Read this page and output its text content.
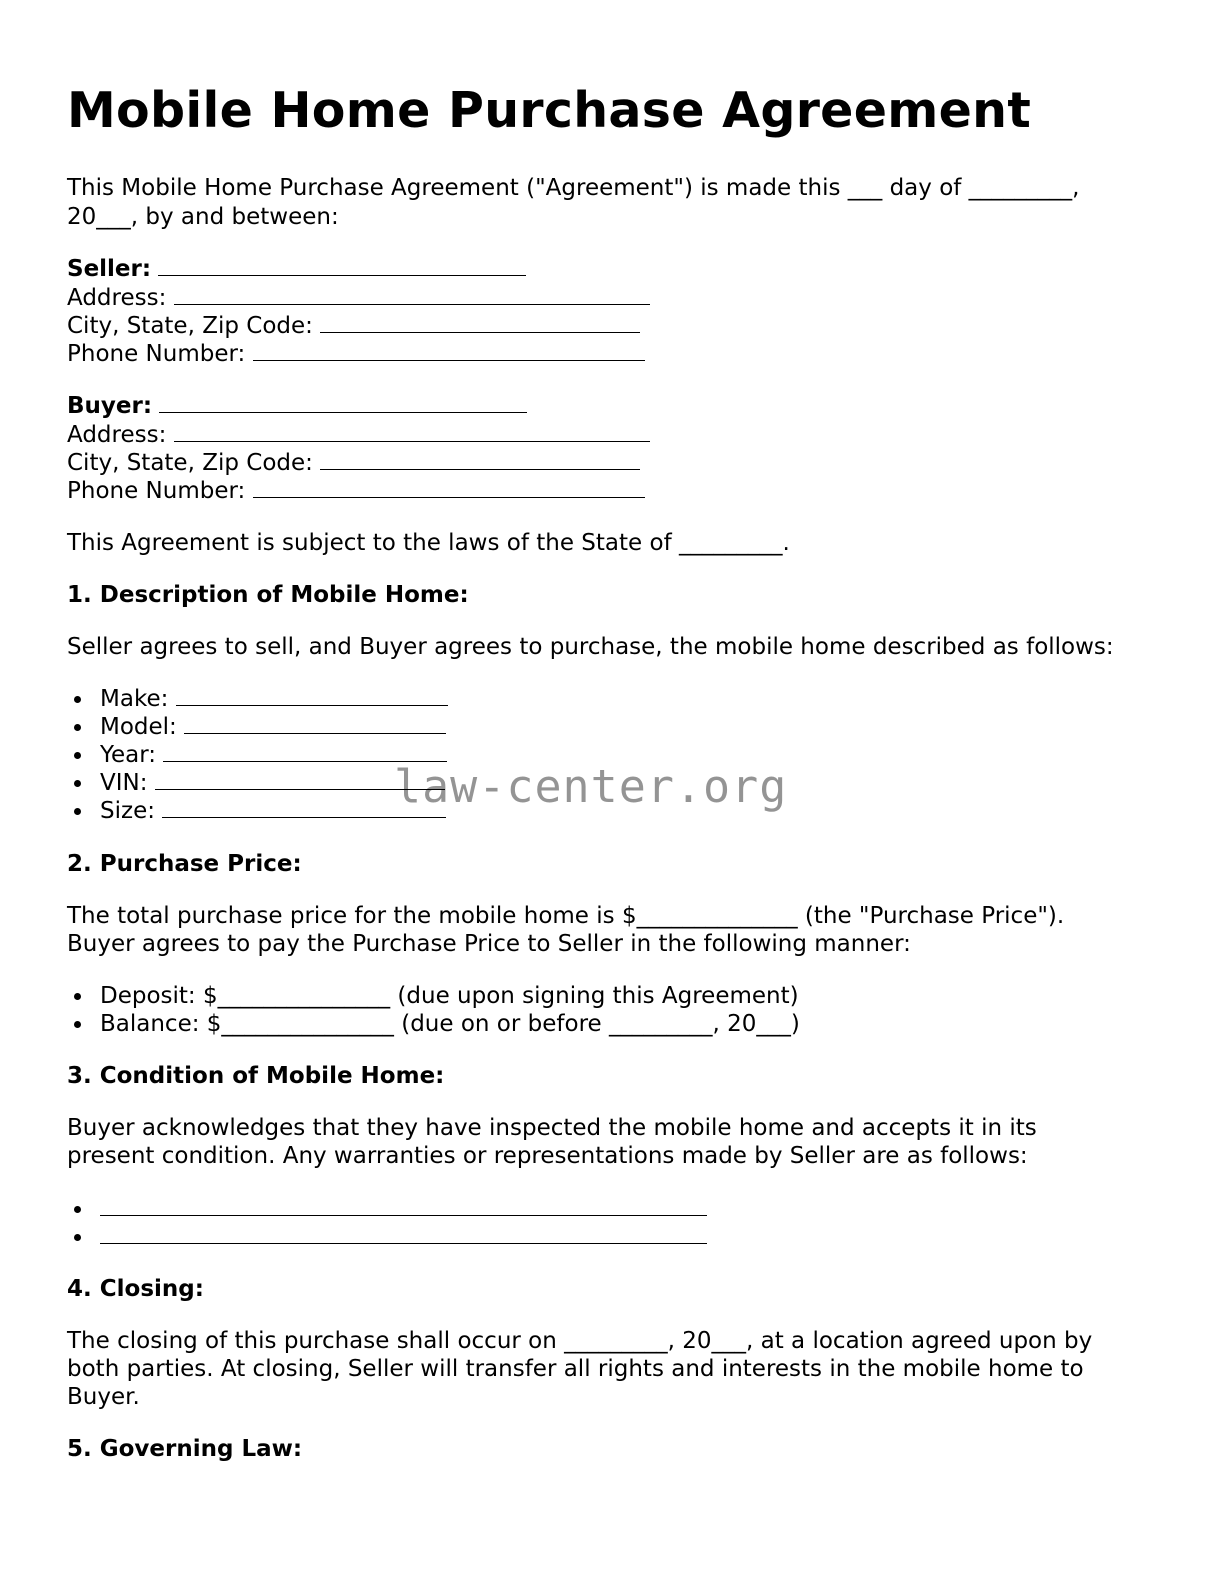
Mobile Home Purchase Agreement

This Mobile Home Purchase Agreement ("Agreement") is made this ___ day of _________,

20___, by and between:

Seller:
Address:
City, State, Zip Code:
Phone Number:
Buyer:
Address:
City, State, Zip Code:
Phone Number:

This Agreement is subject to the laws of the State of _________.

1. Description of Mobile Home:

Seller agrees to sell, and Buyer agrees to purchase, the mobile home described as follows:

Make:
Model:
Year:
VIN:
Size:

2. Purchase Price:

The total purchase price for the mobile home is $______________ (the "Purchase Price").

Buyer agrees to pay the Purchase Price to Seller in the following manner:

Deposit: $_______________ (due upon signing this Agreement)
Balance: $_______________ (due on or before _________, 20___)

3. Condition of Mobile Home:

Buyer acknowledges that they have inspected the mobile home and accepts it in its

present condition. Any warranties or representations made by Seller are as follows:

4. Closing:

The closing of this purchase shall occur on _________, 20___, at a location agreed upon by

both parties. At closing, Seller will transfer all rights and interests in the mobile home to

Buyer.

5. Governing Law:

law-center.org
